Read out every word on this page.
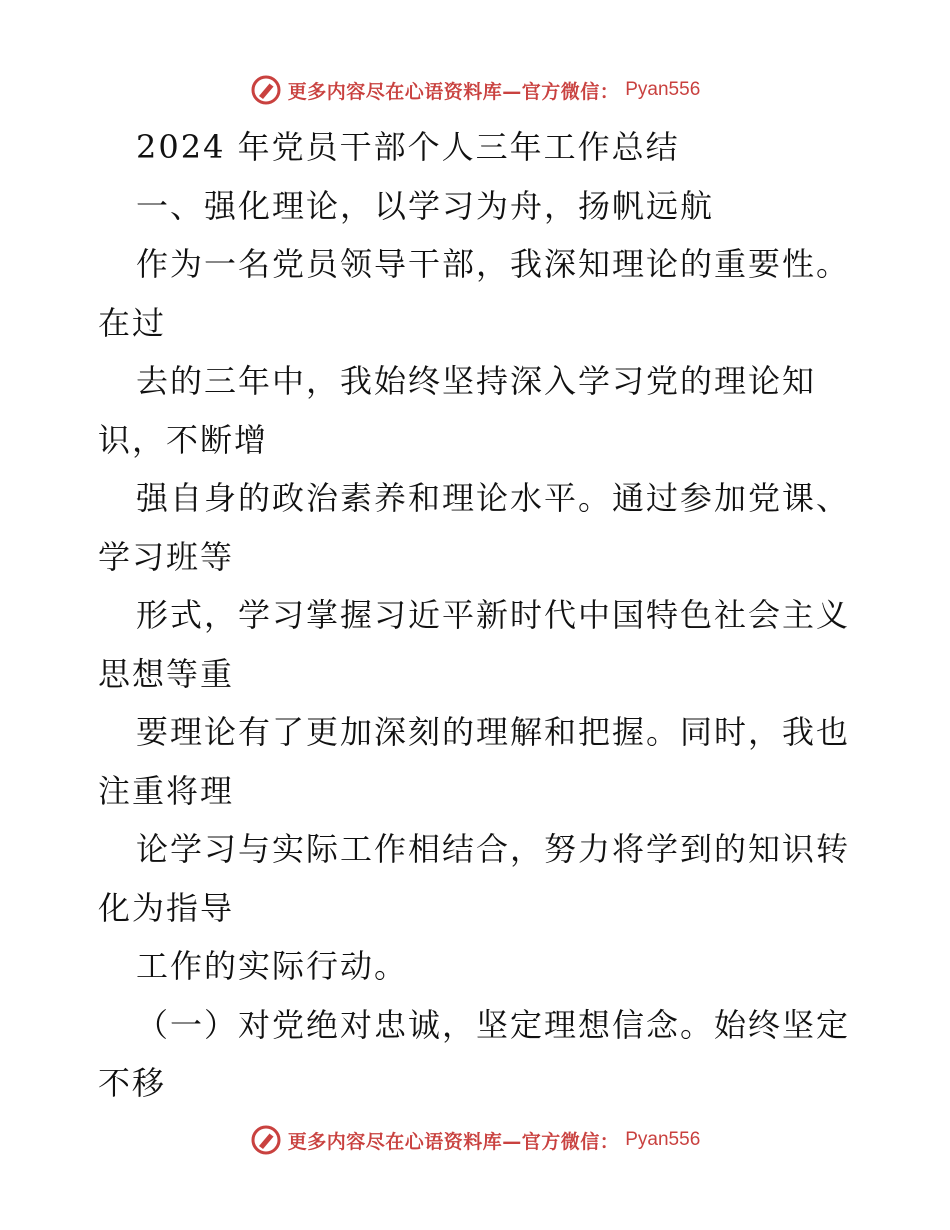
更多内容尽在心语资料库—官方微信： Pyan556
2024 年党员干部个人三年工作总结
一、强化理论，以学习为舟，扬帆远航
作为一名党员领导干部，我深知理论的重要性。
在过
去的三年中，我始终坚持深入学习党的理论知
识，不断增
强自身的政治素养和理论水平。通过参加党课、
学习班等
形式，学习掌握习近平新时代中国特色社会主义
思想等重
要理论有了更加深刻的理解和把握。同时，我也
注重将理
论学习与实际工作相结合，努力将学到的知识转
化为指导
工作的实际行动。
（一）对党绝对忠诚，坚定理想信念。始终坚定
不移
更多内容尽在心语资料库—官方微信： Pyan556
